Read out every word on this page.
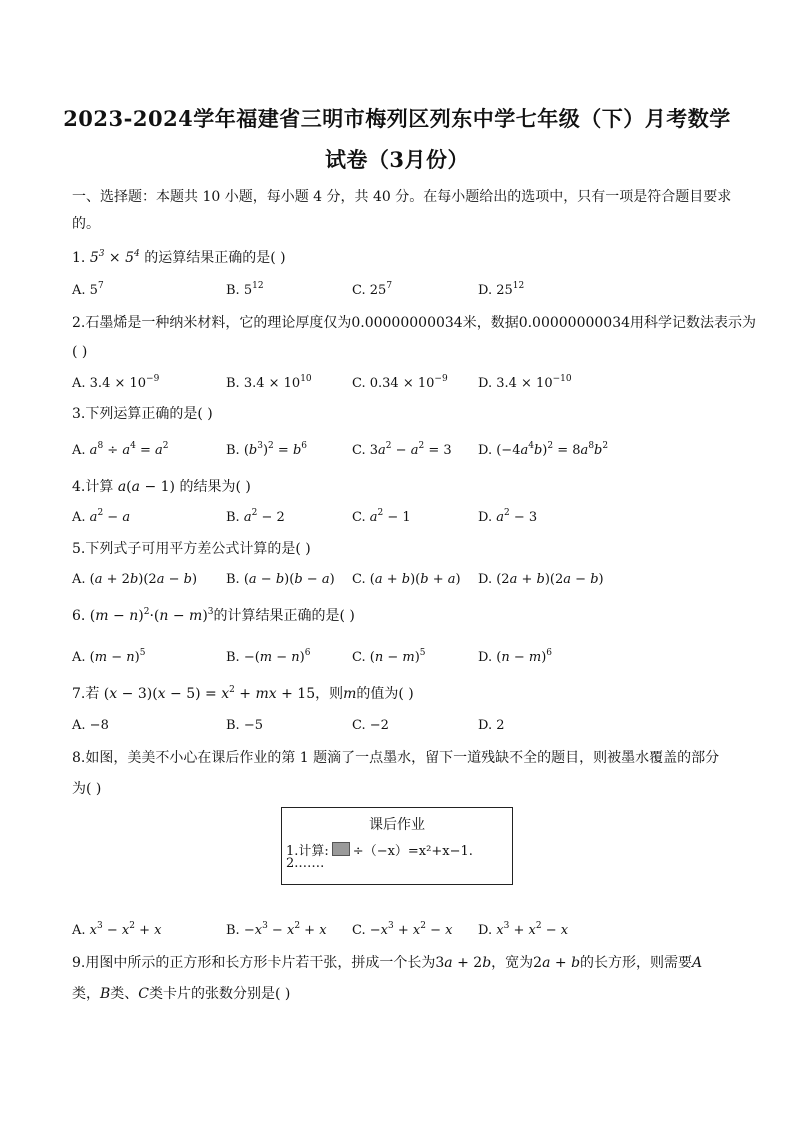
2023-2024学年福建省三明市梅列区列东中学七年级（下）月考数学
试卷（3月份）
一、选择题：本题共 10 小题，每小题 4 分，共 40 分。在每小题给出的选项中，只有一项是符合题目要求
的。
1. $5^3 \times 5^4$ 的运算结果正确的是( )
A. $5^7$	B. $5^{12}$	C. $25^7$	D. $25^{12}$
2.石墨烯是一种纳米材料，它的理论厚度仅为0.00000000034米，数据0.00000000034用科学记数法表示为
( )
A. $3.4 \times 10^{-9}$	B. $3.4 \times 10^{10}$	C. $0.34 \times 10^{-9}$ D. $3.4 \times 10^{-10}$
3.下列运算正确的是( )
A. $a^8 \div a^4 = a^2$	B. $(b^3)^2 = b^6$	C. $3a^2 - a^2 = 3$ D. $(-4a^4b)^2 = 8a^8b^2$
4.计算 a(a − 1) 的结果为( )
A. $a^2 - a$	B. $a^2 - 2$	C. $a^2 - 1$	D. $a^2 - 3$
5.下列式子可用平方差公式计算的是( )
A. (a + 2b)(2a − b) B. (a − b)(b − a) C. (a + b)(b + a) D. (2a + b)(2a − b)
6. $(m - n)^2\cdot(n - m)^3$的计算结果正确的是( )
A. $(m - n)^5$	B. $-(m - n)^6$	C. $(n - m)^5$	D. $(n - m)^6$
7.若 $(x - 3)(x - 5) = x^2$ + mx + 15，则m的值为( )
A. −8	B. −5	C. −2	D. 2
8.如图，美美不小心在课后作业的第 1 题滴了一点墨水，留下一道残缺不全的题目，则被墨水覆盖的部分
为( )
课后作业
1.计算: ÷（−x）=x²+x−1.
2.……
A. $x^3 - x^2 + x$	B. $-x^3 - x^2 + x$ C. $-x^3 + x^2 - x$ D. $x^3 + x^2 - x$
9.用图中所示的正方形和长方形卡片若干张，拼成一个长为3a + 2b，宽为2a + b的长方形，则需要A
类，B类、C类卡片的张数分别是( )
